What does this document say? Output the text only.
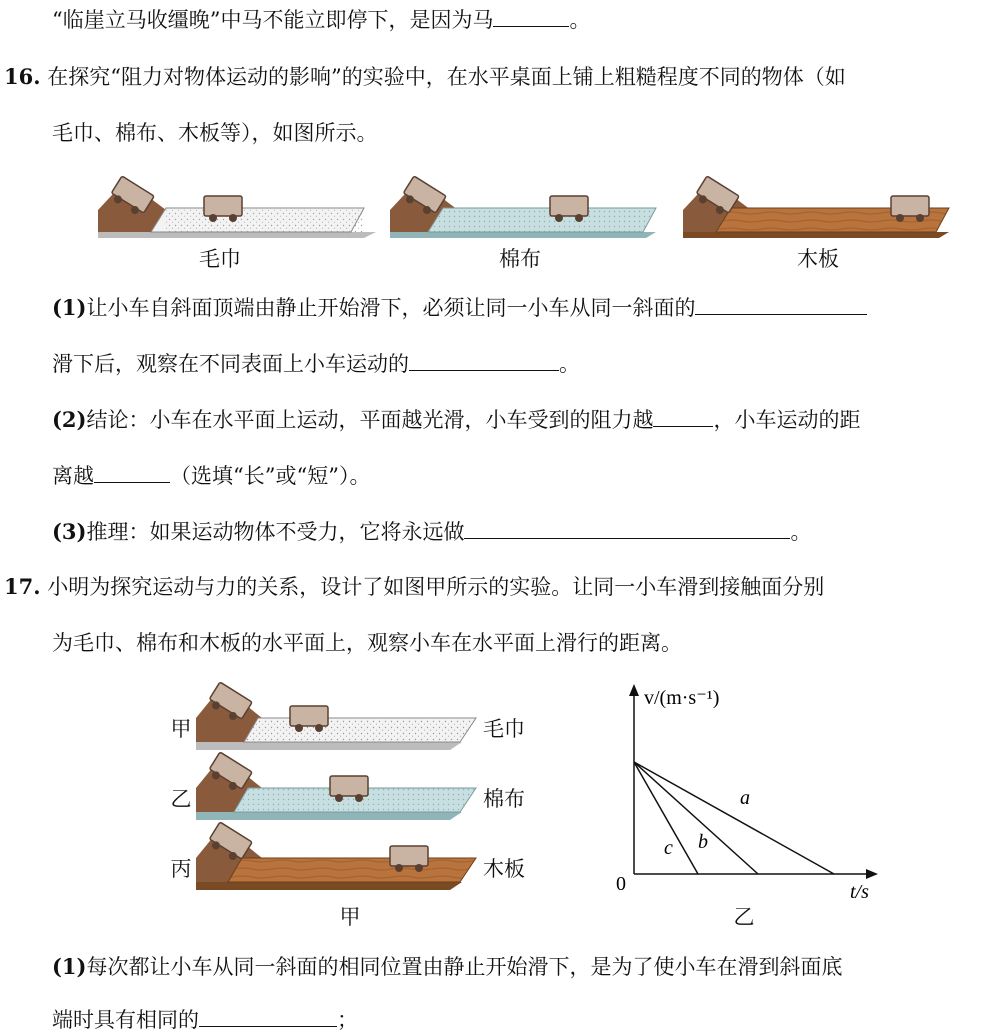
“临崖立马收缰晚”中马不能立即停下，是因为马	。
16. 在探究“阻力对物体运动的影响”的实验中，在水平桌面上铺上粗糙程度不同的物体（如
毛巾、棉布、木板等），如图所示。
毛巾	棉布	木板
(1)让小车自斜面顶端由静止开始滑下，必须让同一小车从同一斜面的
滑下后，观察在不同表面上小车运动的	。
(2)结论：小车在水平面上运动，平面越光滑，小车受到的阻力越	，小车运动的距
离越	（选填“长”或“短”）。
(3)推理：如果运动物体不受力，它将永远做	。
17. 小明为探究运动与力的关系，设计了如图甲所示的实验。让同一小车滑到接触面分别
为毛巾、棉布和木板的水平面上，观察小车在水平面上滑行的距离。
甲
乙
丙
毛巾
棉布
木板
甲
v/(m·s⁻¹)
t/s
0
a
b
c
乙
(1)每次都让小车从同一斜面的相同位置由静止开始滑下，是为了使小车在滑到斜面底
端时具有相同的	；
